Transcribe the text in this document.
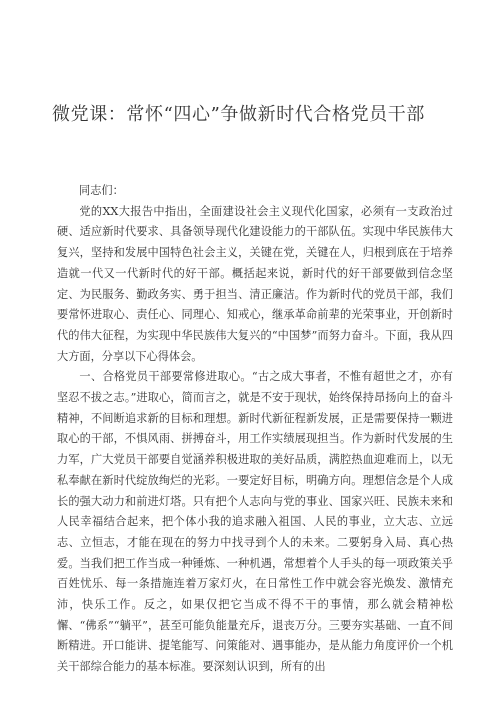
微党课：常怀“四心”争做新时代合格党员干部

同志们：

党的XX大报告中指出，全面建设社会主义现代化国家，必须有一支政治过硬、适应新时代要求、具备领导现代化建设能力的干部队伍。实现中华民族伟大复兴，坚持和发展中国特色社会主义，关键在党，关键在人，归根到底在于培养造就一代又一代新时代的好干部。概括起来说，新时代的好干部要做到信念坚定、为民服务、勤政务实、勇于担当、清正廉洁。作为新时代的党员干部，我们要常怀进取心、责任心、同理心、知戒心，继承革命前辈的光荣事业，开创新时代的伟大征程，为实现中华民族伟大复兴的“中国梦”而努力奋斗。下面，我从四大方面，分享以下心得体会。

一、合格党员干部要常修进取心。“古之成大事者，不惟有超世之才，亦有坚忍不拔之志。”进取心，简而言之，就是不安于现状，始终保持昂扬向上的奋斗精神，不间断追求新的目标和理想。新时代新征程新发展，正是需要保持一颗进取心的干部，不惧风雨、拼搏奋斗，用工作实绩展现担当。作为新时代发展的生力军，广大党员干部要自觉涵养积极进取的美好品质，满腔热血迎难而上，以无私奉献在新时代绽放绚烂的光彩。一要定好目标，明确方向。理想信念是个人成长的强大动力和前进灯塔。只有把个人志向与党的事业、国家兴旺、民族未来和人民幸福结合起来，把个体小我的追求融入祖国、人民的事业，立大志、立远志、立恒志，才能在现在的努力中找寻到个人的未来。二要躬身入局、真心热爱。当我们把工作当成一种锤炼、一种机遇，常想着个人手头的每一项政策关乎百姓忧乐、每一条措施连着万家灯火，在日常性工作中就会容光焕发、激情充沛，快乐工作。反之，如果仅把它当成不得不干的事情，那么就会精神松懈、“佛系”“躺平”，甚至可能负能量充斥，退丧万分。三要夯实基础、一直不间断精进。开口能讲、提笔能写、问策能对、遇事能办，是从能力角度评价一个机关干部综合能力的基本标准。要深刻认识到，所有的出
